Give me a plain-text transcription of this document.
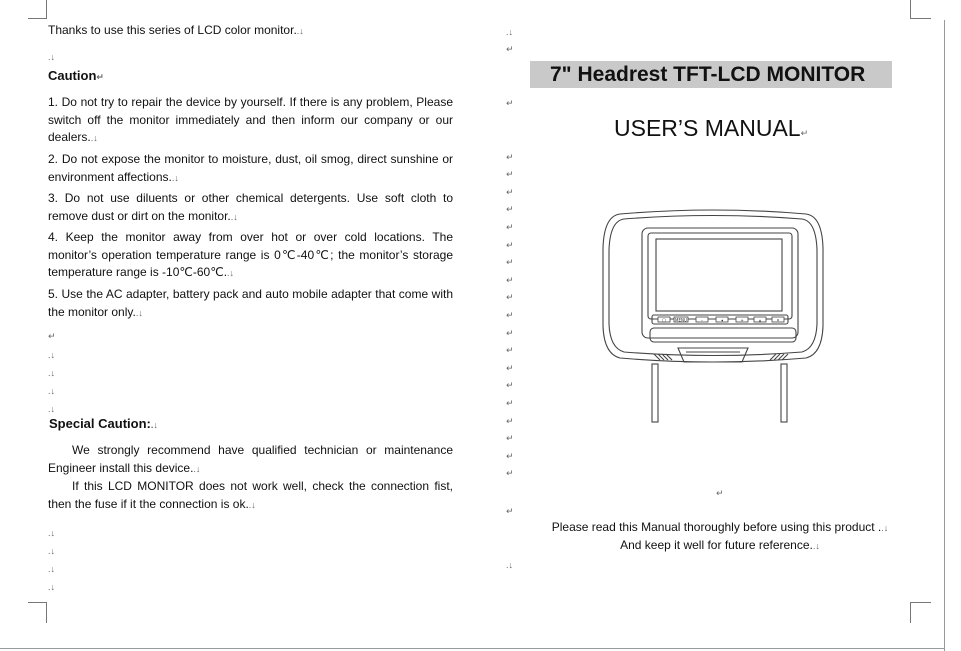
Thanks to use this series of LCD color monitor..↓
.↓
Caution↵
1. Do not try to repair the device by yourself. If there is any problem, Please switch off the monitor immediately and then inform our company or our dealers..↓
2. Do not expose the monitor to moisture, dust, oil smog, direct sunshine or environment affections..↓
3. Do not use diluents or other chemical detergents. Use soft cloth to remove dust or dirt on the monitor..↓
4. Keep the monitor away from over hot or over cold locations. The monitor’s operation temperature range is 0℃-40℃; the monitor’s storage temperature range is -10℃-60℃..↓
5. Use the AC adapter, battery pack and auto mobile adapter that come with the monitor only..↓
↵
.↓
.↓
.↓
.↓
Special Caution:.↓
We strongly recommend have qualified technician or maintenance Engineer install this device..↓
If this LCD MONITOR does not work well, check the connection fist, then the fuse if it the connection is ok..↓
.↓
.↓
.↓
.↓
.↓
↵
↵
↵
↵
↵
↵
↵
↵
↵
↵
↵
↵
↵
↵
↵
↵
↵
↵
↵
↵
↵
↵
.↓
7" Headrest TFT-LCD MONITOR
USER’S MANUAL↵
◯ MENU	–	◂	+	▴	▾
↵
Please read this Manual thoroughly before using this product ..↓
And keep it well for future reference..↓
